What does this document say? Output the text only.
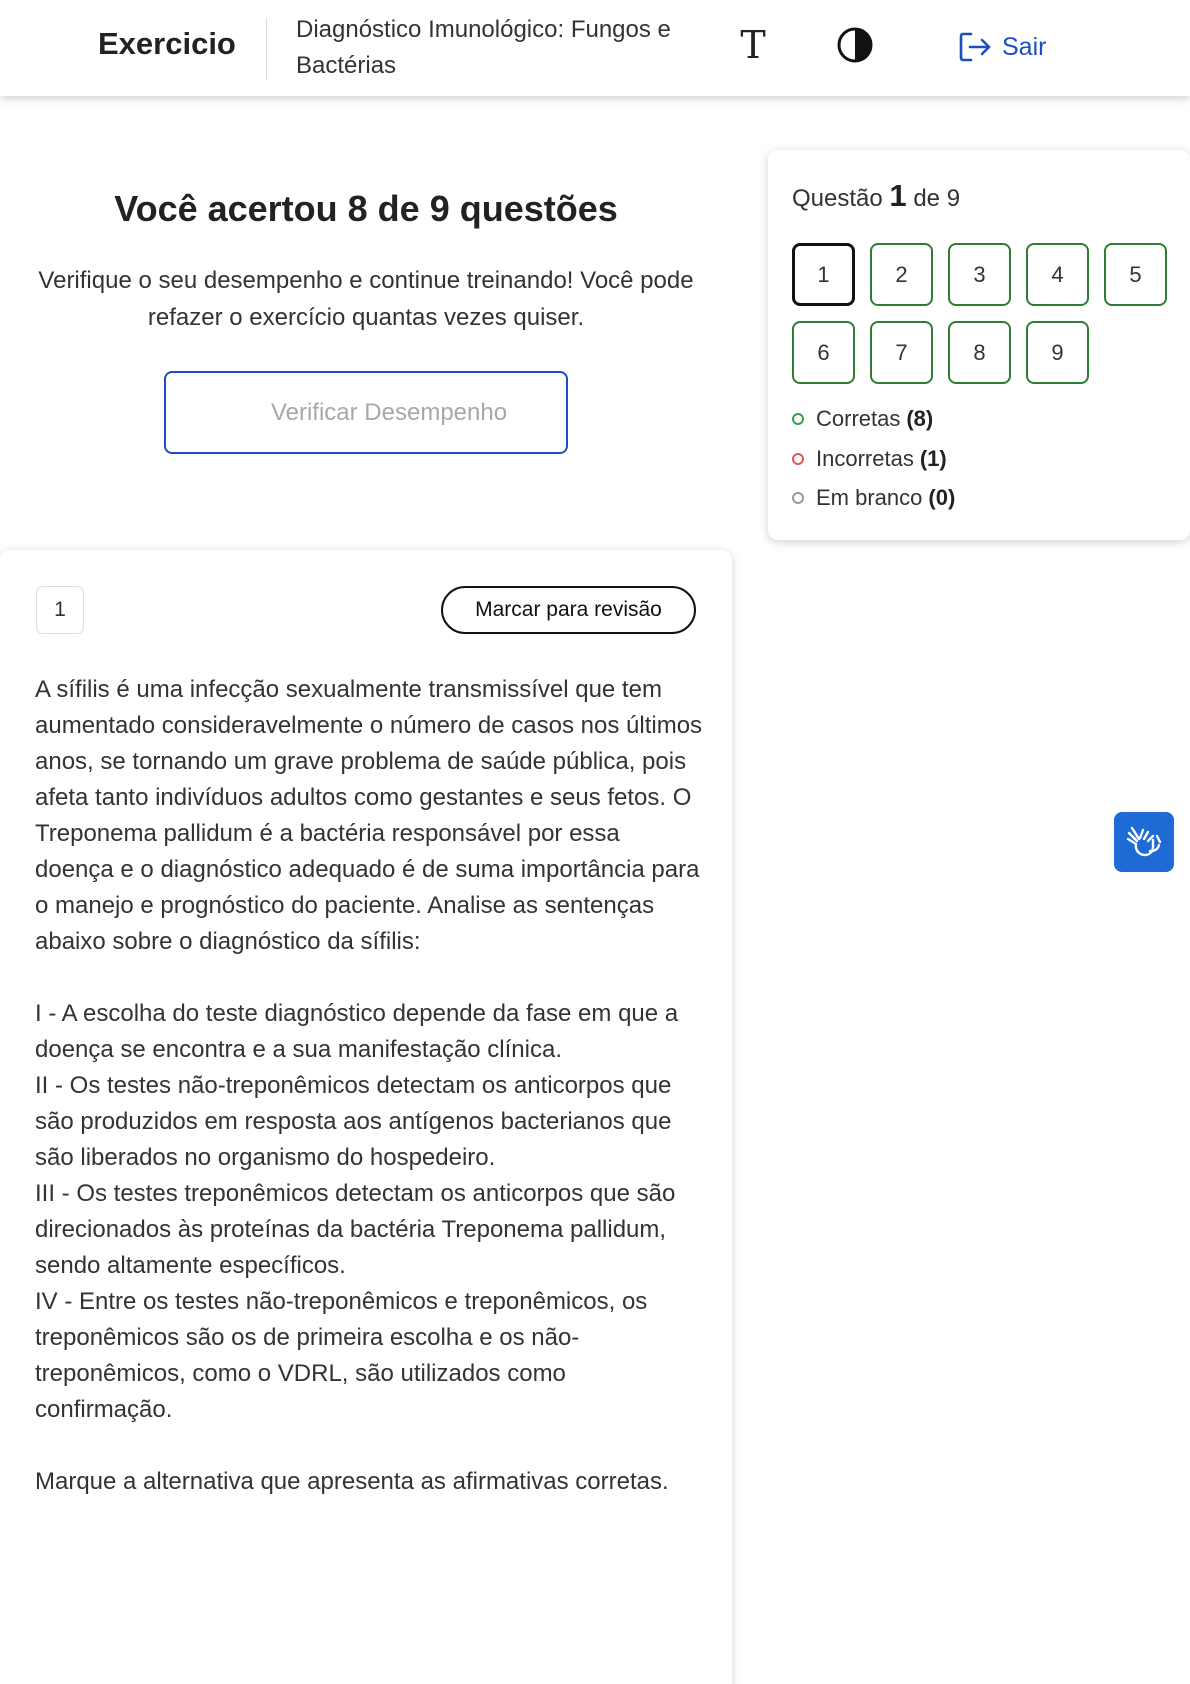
Exercicio	Diagnóstico Imunológico: Fungos e Bactérias	T	Sair
Você acertou 8 de 9 questões
Verifique o seu desempenho e continue treinando! Você pode refazer o exercício quantas vezes quiser.
Verificar Desempenho
Questão 1 de 9
1	2	3	4	5
6	7	8	9
Corretas (8)
Incorretas (1)
Em branco (0)
1	Marcar para revisão

A sífilis é uma infecção sexualmente transmissível que tem aumentado consideravelmente o número de casos nos últimos anos, se tornando um grave problema de saúde pública, pois afeta tanto indivíduos adultos como gestantes e seus fetos. O Treponema pallidum é a bactéria responsável por essa doença e o diagnóstico adequado é de suma importância para o manejo e prognóstico do paciente. Analise as sentenças abaixo sobre o diagnóstico da sífilis:

I - A escolha do teste diagnóstico depende da fase em que a doença se encontra e a sua manifestação clínica.

II - Os testes não-treponêmicos detectam os anticorpos que são produzidos em resposta aos antígenos bacterianos que são liberados no organismo do hospedeiro.

III - Os testes treponêmicos detectam os anticorpos que são direcionados às proteínas da bactéria Treponema pallidum, sendo altamente específicos.

IV - Entre os testes não-treponêmicos e treponêmicos, os treponêmicos são os de primeira escolha e os não-treponêmicos, como o VDRL, são utilizados como confirmação.

Marque a alternativa que apresenta as afirmativas corretas.
